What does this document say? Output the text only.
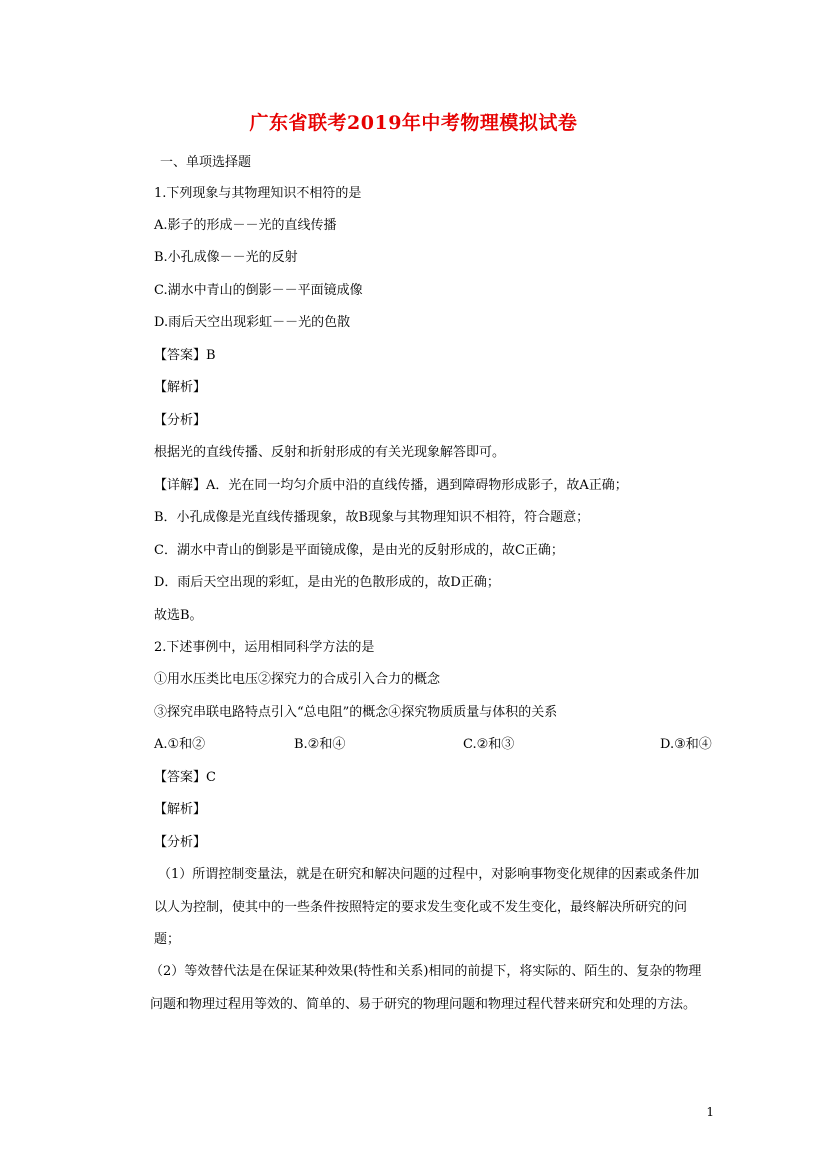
广东省联考2019年中考物理模拟试卷
一、单项选择题
1.下列现象与其物理知识不相符的是
A.影子的形成－－光的直线传播
B.小孔成像－－光的反射
C.湖水中青山的倒影－－平面镜成像
D.雨后天空出现彩虹－－光的色散
【答案】B
【解析】
【分析】
根据光的直线传播、反射和折射形成的有关光现象解答即可。
【详解】A．光在同一均匀介质中沿的直线传播，遇到障碍物形成影子，故A正确；
B．小孔成像是光直线传播现象，故B现象与其物理知识不相符，符合题意；
C．湖水中青山的倒影是平面镜成像，是由光的反射形成的，故C正确；
D．雨后天空出现的彩虹，是由光的色散形成的，故D正确；
故选B。
2.下述事例中，运用相同科学方法的是
①用水压类比电压②探究力的合成引入合力的概念
③探究串联电路特点引入“总电阻”的概念④探究物质质量与体积的关系
A.①和②	B.②和④	C.②和③	D.③和④
【答案】C
【解析】
【分析】
（1）所谓控制变量法，就是在研究和解决问题的过程中，对影响事物变化规律的因素或条件加以人为控制，使其中的一些条件按照特定的要求发生变化或不发生变化，最终解决所研究的问题；
（2）等效替代法是在保证某种效果(特性和关系)相同的前提下，将实际的、陌生的、复杂的物理问题和物理过程用等效的、简单的、易于研究的物理问题和物理过程代替来研究和处理的方法。
1
